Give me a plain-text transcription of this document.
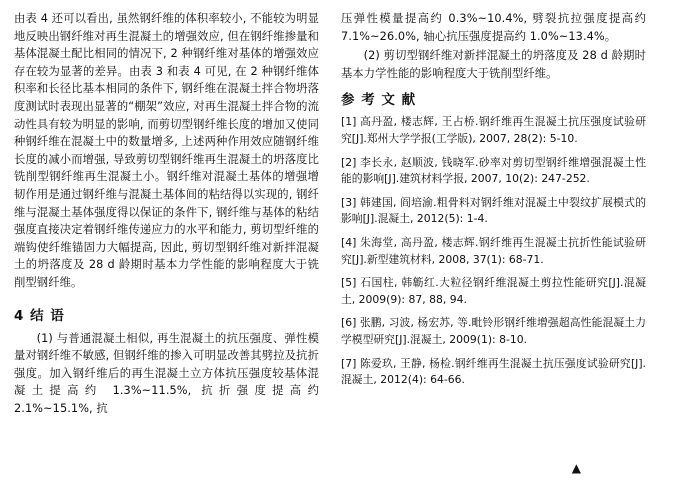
由表 4 还可以看出, 虽然钢纤维的体积率较小, 不能较为明显地反映出钢纤维对再生混凝土的增强效应, 但在钢纤维掺量和基体混凝土配比相同的情况下, 2 种钢纤维对基体的增强效应存在较为显著的差异。由表 3 和表 4 可见, 在 2 种钢纤维体积率和长径比基本相同的条件下, 钢纤维在混凝土拌合物坍落度测试时表现出显著的“棚架”效应, 对再生混凝土拌合物的流动性具有较为明显的影响, 而剪切型钢纤维长度的增加又使同种钢纤维在混凝土中的数量增多, 上述两种作用效应随钢纤维长度的减小而增强, 导致剪切型钢纤维再生混凝土的坍落度比铣削型钢纤维再生混凝土小。钢纤维对混凝土基体的增强增韧作用是通过钢纤维与混凝土基体间的粘结得以实现的, 钢纤维与混凝土基体强度得以保证的条件下, 钢纤维与基体的粘结强度直接决定着钢纤维传递应力的水平和能力, 剪切型纤维的端钩使纤维锚固力大幅提高, 因此, 剪切型钢纤维对新拌混凝土的坍落度及 28 d 龄期时基本力学性能的影响程度大于铣削型钢纤维。

4 结 语

(1) 与普通混凝土相似, 再生混凝土的抗压强度、弹性模量对钢纤维不敏感, 但钢纤维的掺入可明显改善其劈拉及抗折强度。加入钢纤维后的再生混凝土立方体抗压强度较基体混凝土提高约 1.3%~11.5%, 抗折强度提高约 2.1%~15.1%, 抗

压弹性模量提高约 0.3%~10.4%, 劈裂抗拉强度提高约 7.1%~26.0%, 轴心抗压强度提高约 1.0%~13.4%。

(2) 剪切型钢纤维对新拌混凝土的坍落度及 28 d 龄期时基本力学性能的影响程度大于铣削型纤维。

参 考 文 献
[1] 高丹盈, 楼志辉, 王占桥.钢纤维再生混凝土抗压强度试验研究[J].郑州大学学报(工学版), 2007, 28(2): 5-10.
[2] 李长永, 赵顺波, 钱晓军.砂率对剪切型钢纤维增强混凝土性能的影响[J].建筑材料学报, 2007, 10(2): 247-252.
[3] 韩建国, 阎培渝.粗骨料对钢纤维对混凝土中裂纹扩展模式的影响[J].混凝土, 2012(5): 1-4.
[4] 朱海堂, 高丹盈, 楼志辉.钢纤维再生混凝土抗折性能试验研究[J].新型建筑材料, 2008, 37(1): 68-71.
[5] 石国柱, 韩簕红.大粒径钢纤维混凝土剪拉性能研究[J].混凝土, 2009(9): 87, 88, 94.
[6] 张鹏, 习波, 杨宏苏, 等.毗铃形钢纤维增强超高性能混凝土力学模型研究[J].混凝土, 2009(1): 8-10.
[7] 陈爱玖, 王静, 杨检.钢纤维再生混凝土抗压强度试验研究[J].混凝土, 2012(4): 64-66.
▲
